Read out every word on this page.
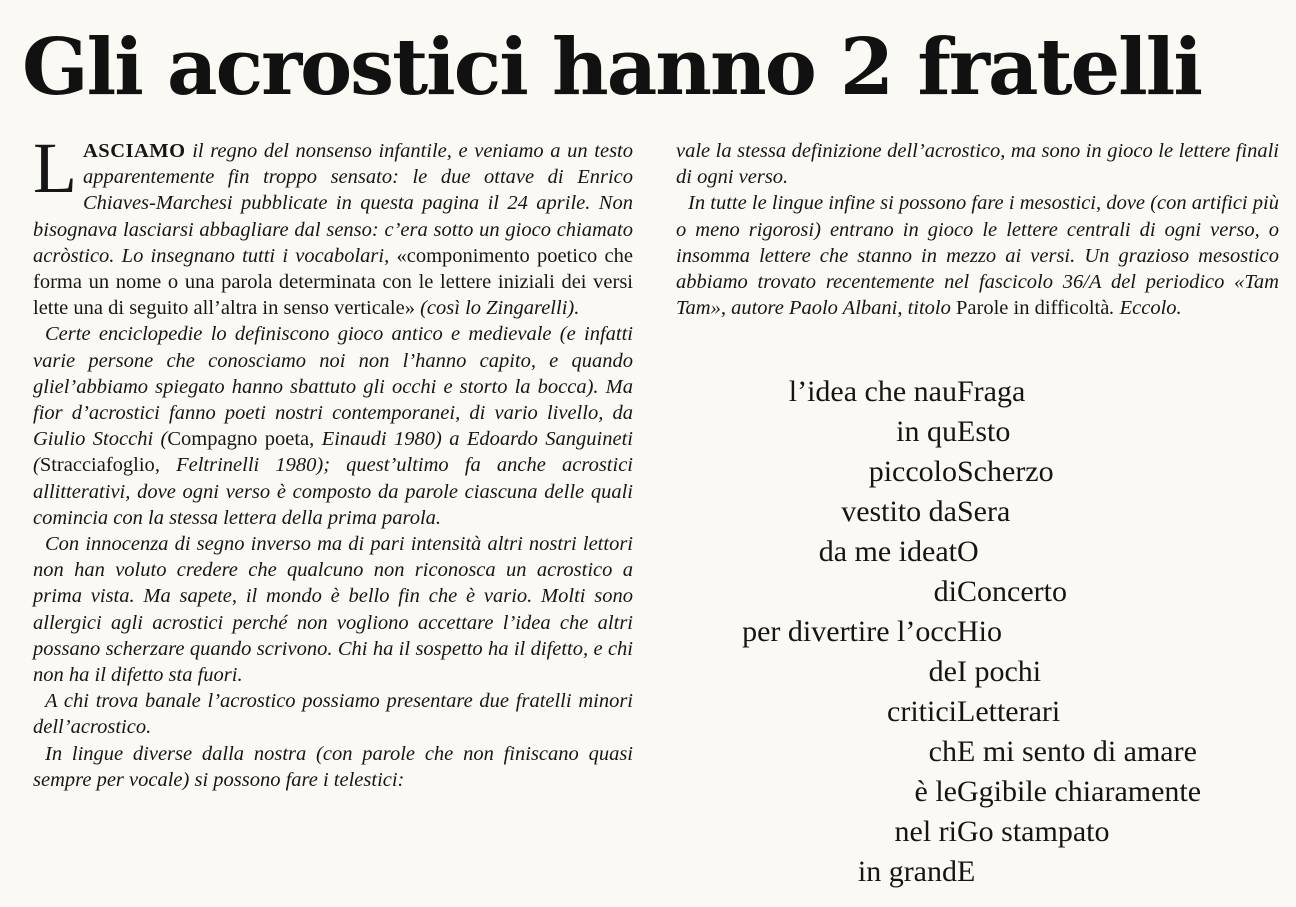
Gli acrostici hanno 2 fratelli

LASCIAMO il regno del nonsenso infantile, e veniamo a un testo apparentemente fin troppo sensato: le due ottave di Enrico Chiaves-Marchesi pubblicate in questa pagina il 24 aprile. Non bisognava lasciarsi abbagliare dal senso: c’era sotto un gioco chiamato acròstico. Lo insegnano tutti i vocabolari, «componimento poetico che forma un nome o una parola determinata con le lettere iniziali dei versi lette una di seguito all’altra in senso verticale» (così lo Zingarelli).

Certe enciclopedie lo definiscono gioco antico e medievale (e infatti varie persone che conosciamo noi non l’hanno capito, e quando gliel’abbiamo spiegato hanno sbattuto gli occhi e storto la bocca). Ma fior d’acrostici fanno poeti nostri contemporanei, di vario livello, da Giulio Stocchi (Compagno poeta, Einaudi 1980) a Edoardo Sanguineti (Stracciafoglio, Feltrinelli 1980); quest’ultimo fa anche acrostici allitterativi, dove ogni verso è composto da parole ciascuna delle quali comincia con la stessa lettera della prima parola.

Con innocenza di segno inverso ma di pari intensità altri nostri lettori non han voluto credere che qualcuno non riconosca un acrostico a prima vista. Ma sapete, il mondo è bello fin che è vario. Molti sono allergici agli acrostici perché non vogliono accettare l’idea che altri possano scherzare quando scrivono. Chi ha il sospetto ha il difetto, e chi non ha il difetto sta fuori.

A chi trova banale l’acrostico possiamo presentare due fratelli minori dell’acrostico.

In lingue diverse dalla nostra (con parole che non finiscano quasi sempre per vocale) si possono fare i telestici:

vale la stessa definizione dell’acrostico, ma sono in gioco le lettere finali di ogni verso.

In tutte le lingue infine si possono fare i mesostici, dove (con artifici più o meno rigorosi) entrano in gioco le lettere centrali di ogni verso, o insomma lettere che stanno in mezzo ai versi. Un grazioso mesostico abbiamo trovato recentemente nel fascicolo 36/A del periodico «Tam Tam», autore Paolo Albani, titolo Parole in difficoltà. Eccolo.

l’idea che nau Fraga
in qu Esto
piccolo Scherzo
vestito da Sera
da me ideat O
di Concerto
per divertire l’occ Hio
de I pochi
critici Letterari
ch E mi sento di amare
è le Ggibile chiaramente
nel ri Go stampato
in grand E
